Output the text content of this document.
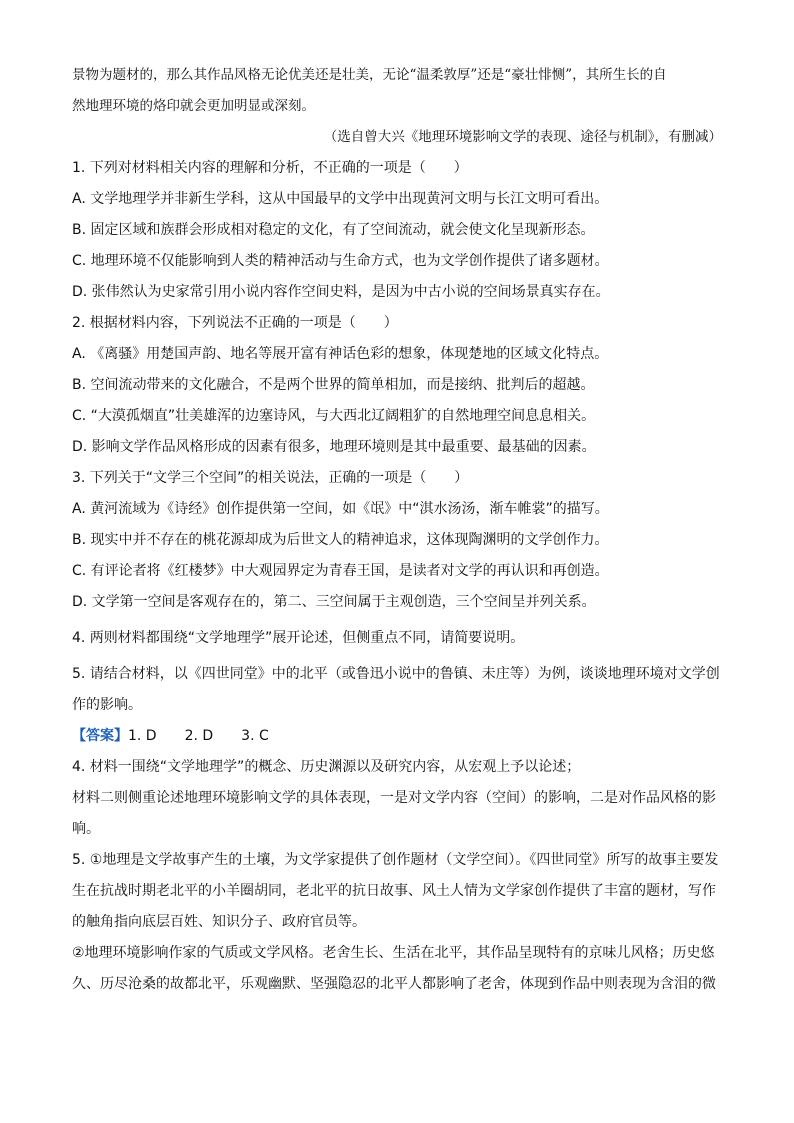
景物为题材的，那么其作品风格无论优美还是壮美，无论“温柔敦厚”还是“豪壮悱恻”，其所生长的自

然地理环境的烙印就会更加明显或深刻。

（选自曾大兴《地理环境影响文学的表现、途径与机制》，有删减）

1. 下列对材料相关内容的理解和分析，不正确的一项是（　　）

A. 文学地理学并非新生学科，这从中国最早的文学中出现黄河文明与长江文明可看出。

B. 固定区域和族群会形成相对稳定的文化，有了空间流动，就会使文化呈现新形态。

C. 地理环境不仅能影响到人类的精神活动与生命方式，也为文学创作提供了诸多题材。

D. 张伟然认为史家常引用小说内容作空间史料，是因为中古小说的空间场景真实存在。

2. 根据材料内容，下列说法不正确的一项是（　　）

A. 《离骚》用楚国声韵、地名等展开富有神话色彩的想象，体现楚地的区域文化特点。

B. 空间流动带来的文化融合，不是两个世界的简单相加，而是接纳、批判后的超越。

C. “大漠孤烟直”壮美雄浑的边塞诗风，与大西北辽阔粗犷的自然地理空间息息相关。

D. 影响文学作品风格形成的因素有很多，地理环境则是其中最重要、最基础的因素。

3. 下列关于“文学三个空间”的相关说法，正确的一项是（　　）

A. 黄河流域为《诗经》创作提供第一空间，如《氓》中“淇水汤汤，渐车帷裳”的描写。

B. 现实中并不存在的桃花源却成为后世文人的精神追求，这体现陶渊明的文学创作力。

C. 有评论者将《红楼梦》中大观园界定为青春王国，是读者对文学的再认识和再创造。

D. 文学第一空间是客观存在的，第二、三空间属于主观创造，三个空间呈并列关系。

4. 两则材料都围绕“文学地理学”展开论述，但侧重点不同，请简要说明。

5. 请结合材料，以《四世同堂》中的北平（或鲁迅小说中的鲁镇、未庄等）为例，谈谈地理环境对文学创

作的影响。

【答案】1. D　　2. D　　3. C

4. 材料一围绕“文学地理学”的概念、历史渊源以及研究内容，从宏观上予以论述；

材料二则侧重论述地理环境影响文学的具体表现，一是对文学内容（空间）的影响，二是对作品风格的影

响。

5. ①地理是文学故事产生的土壤，为文学家提供了创作题材（文学空间）。《四世同堂》所写的故事主要发

生在抗战时期老北平的小羊圈胡同，老北平的抗日故事、风土人情为文学家创作提供了丰富的题材，写作

的触角指向底层百姓、知识分子、政府官员等。

②地理环境影响作家的气质或文学风格。老舍生长、生活在北平，其作品呈现特有的京味儿风格；历史悠

久、历尽沧桑的故都北平，乐观幽默、坚强隐忍的北平人都影响了老舍，体现到作品中则表现为含泪的微
